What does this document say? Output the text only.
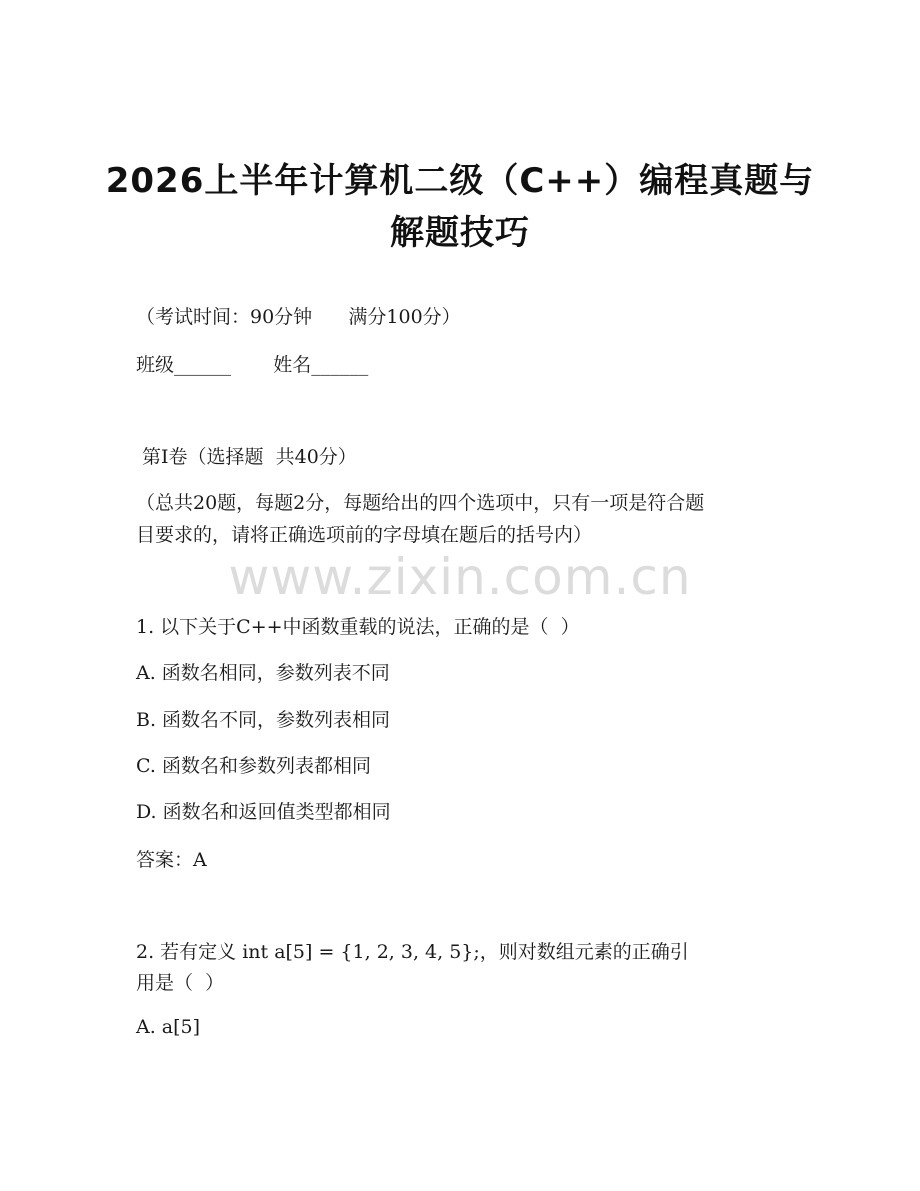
2026上半年计算机二级（C++）编程真题与
解题技巧
（考试时间：90分钟      满分100分）
班级______       姓名______
第I卷（选择题  共40分）
（总共20题，每题2分，每题给出的四个选项中，只有一项是符合题
目要求的，请将正确选项前的字母填在题后的括号内）
www.zixin.com.cn
1. 以下关于C++中函数重载的说法，正确的是（  ）
A. 函数名相同，参数列表不同
B. 函数名不同，参数列表相同
C. 函数名和参数列表都相同
D. 函数名和返回值类型都相同
答案：A
2. 若有定义 int a[5] = {1, 2, 3, 4, 5};，则对数组元素的正确引
用是（  ）
A. a[5]
